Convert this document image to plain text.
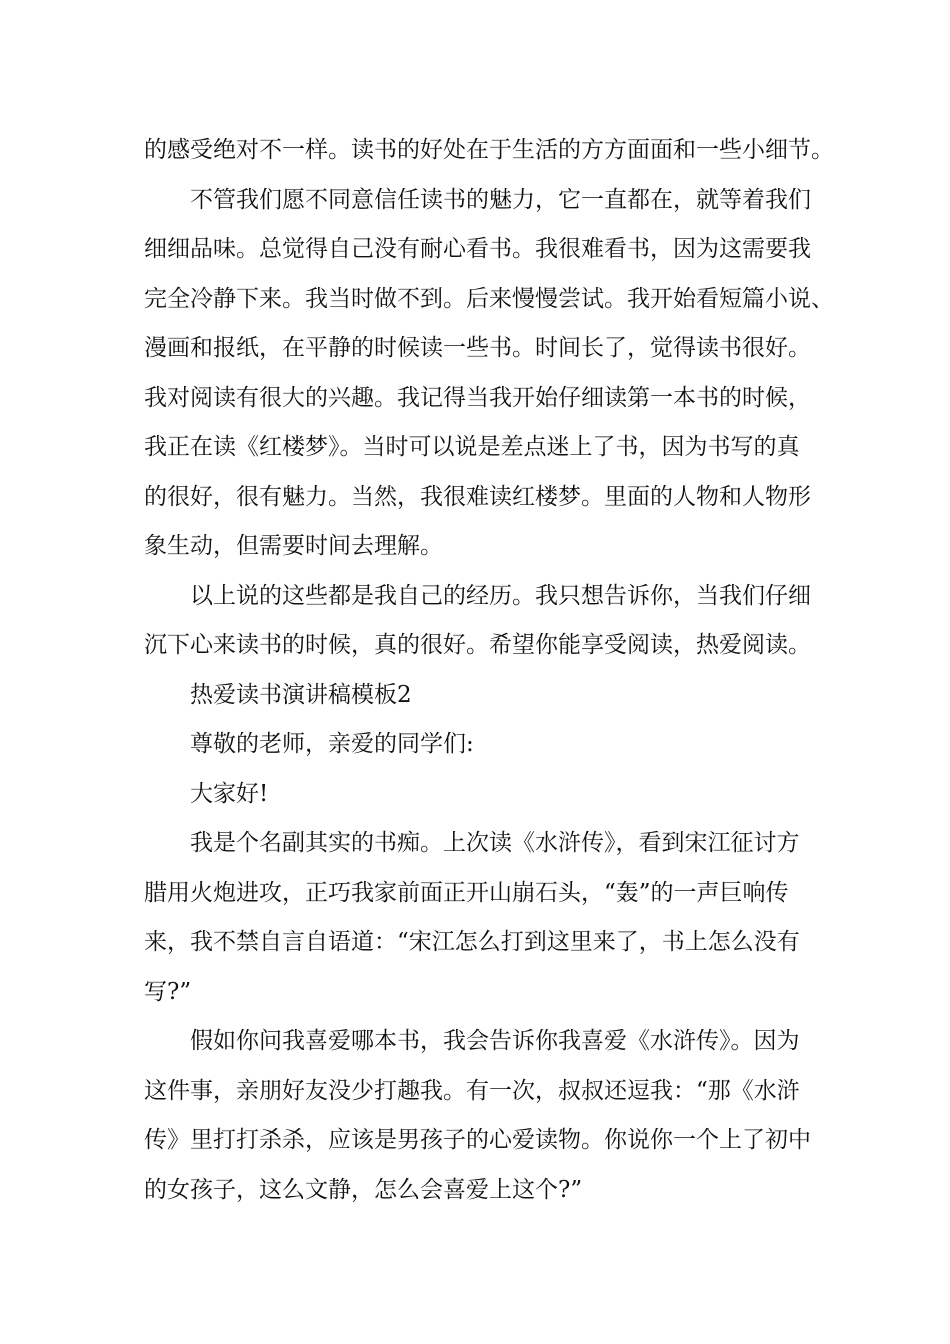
的感受绝对不一样。读书的好处在于生活的方方面面和一些小细节。
不管我们愿不同意信任读书的魅力，它一直都在，就等着我们
细细品味。总觉得自己没有耐心看书。我很难看书，因为这需要我
完全冷静下来。我当时做不到。后来慢慢尝试。我开始看短篇小说、
漫画和报纸，在平静的时候读一些书。时间长了，觉得读书很好。
我对阅读有很大的兴趣。我记得当我开始仔细读第一本书的时候，
我正在读《红楼梦》。当时可以说是差点迷上了书，因为书写的真
的很好，很有魅力。当然，我很难读红楼梦。里面的人物和人物形
象生动，但需要时间去理解。
以上说的这些都是我自己的经历。我只想告诉你，当我们仔细
沉下心来读书的时候，真的很好。希望你能享受阅读，热爱阅读。
热爱读书演讲稿模板2
尊敬的老师，亲爱的同学们:
大家好!
我是个名副其实的书痴。上次读《水浒传》，看到宋江征讨方
腊用火炮进攻，正巧我家前面正开山崩石头，“轰”的一声巨响传
来，我不禁自言自语道：“宋江怎么打到这里来了，书上怎么没有
写?”
假如你问我喜爱哪本书，我会告诉你我喜爱《水浒传》。因为
这件事，亲朋好友没少打趣我。有一次，叔叔还逗我：“那《水浒
传》里打打杀杀，应该是男孩子的心爱读物。你说你一个上了初中
的女孩子，这么文静，怎么会喜爱上这个?”
